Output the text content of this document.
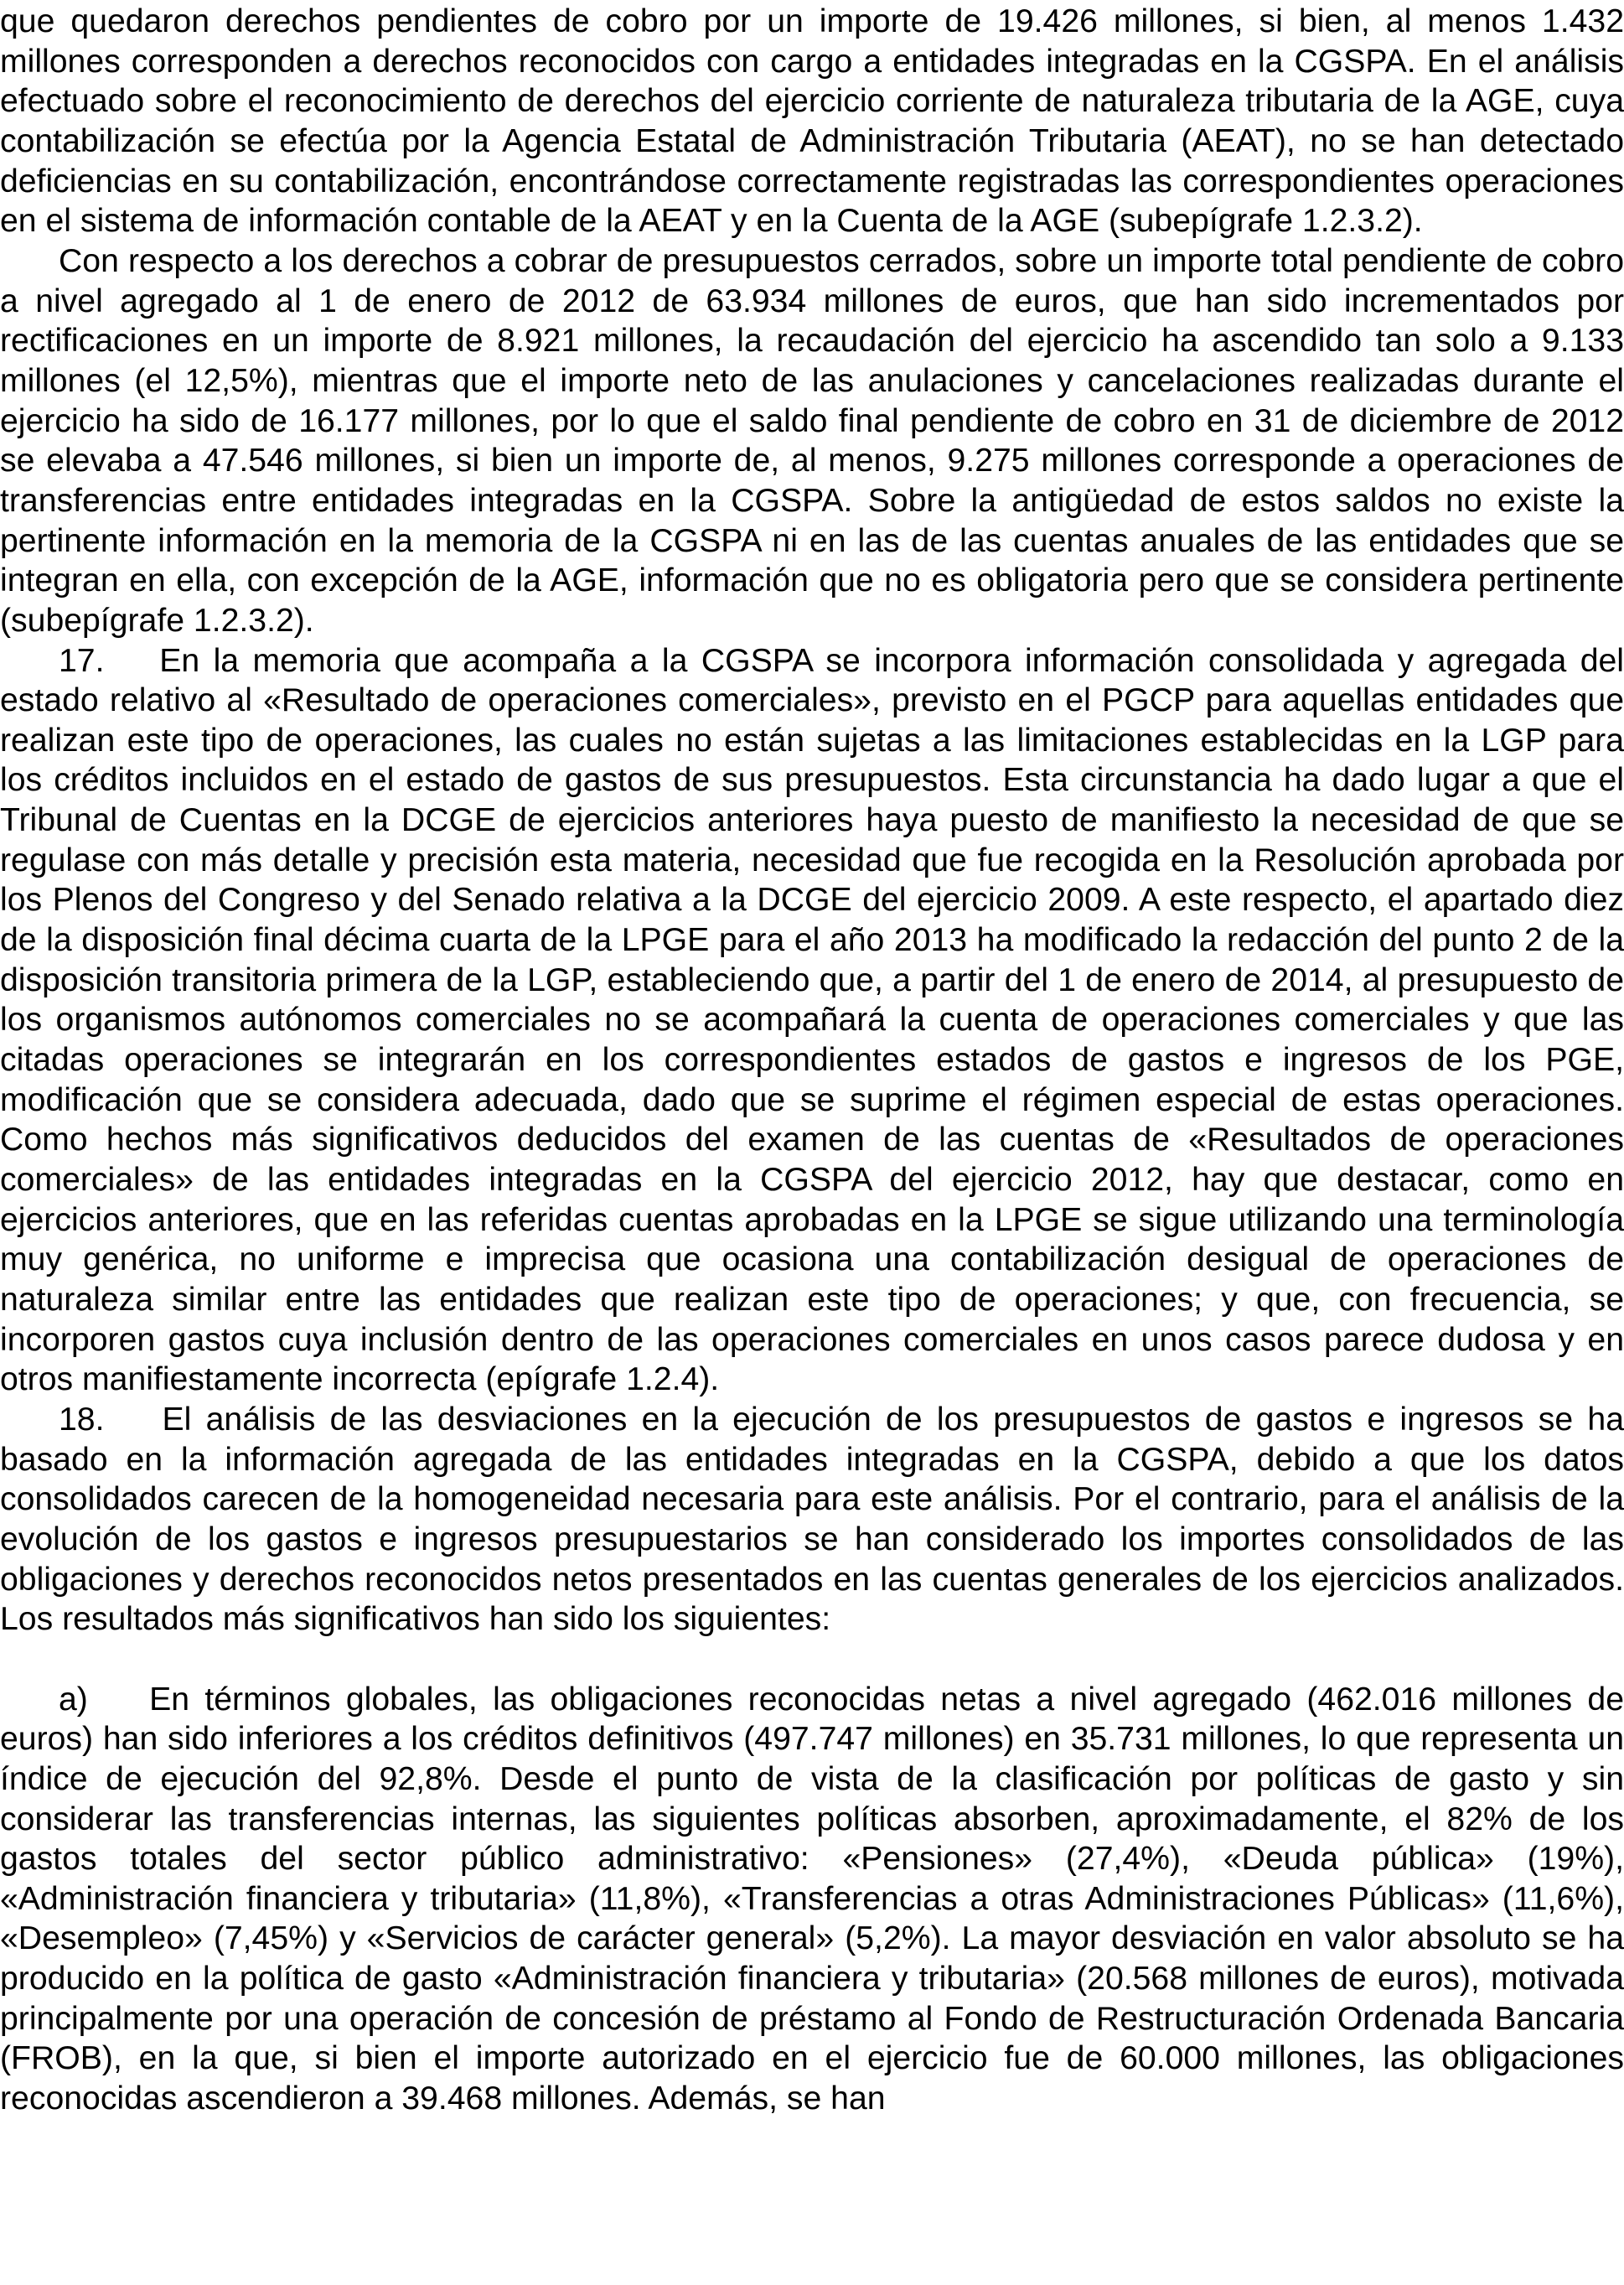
que quedaron derechos pendientes de cobro por un importe de 19.426 millones, si bien, al menos 1.432 millones corresponden a derechos reconocidos con cargo a entidades integradas en la CGSPA. En el análisis efectuado sobre el reconocimiento de derechos del ejercicio corriente de naturaleza tributaria de la AGE, cuya contabilización se efectúa por la Agencia Estatal de Administración Tributaria (AEAT), no se han detectado deficiencias en su contabilización, encontrándose correctamente registradas las correspondientes operaciones en el sistema de información contable de la AEAT y en la Cuenta de la AGE (subepígrafe 1.2.3.2).

Con respecto a los derechos a cobrar de presupuestos cerrados, sobre un importe total pendiente de cobro a nivel agregado al 1 de enero de 2012 de 63.934 millones de euros, que han sido incrementados por rectificaciones en un importe de 8.921 millones, la recaudación del ejercicio ha ascendido tan solo a 9.133 millones (el 12,5%), mientras que el importe neto de las anulaciones y cancelaciones realizadas durante el ejercicio ha sido de 16.177 millones, por lo que el saldo final pendiente de cobro en 31 de diciembre de 2012 se elevaba a 47.546 millones, si bien un importe de, al menos, 9.275 millones corresponde a operaciones de transferencias entre entidades integradas en la CGSPA. Sobre la antigüedad de estos saldos no existe la pertinente información en la memoria de la CGSPA ni en las de las cuentas anuales de las entidades que se integran en ella, con excepción de la AGE, información que no es obligatoria pero que se considera pertinente (subepígrafe 1.2.3.2).

17.    En la memoria que acompaña a la CGSPA se incorpora información consolidada y agregada del estado relativo al «Resultado de operaciones comerciales», previsto en el PGCP para aquellas entidades que realizan este tipo de operaciones, las cuales no están sujetas a las limitaciones establecidas en la LGP para los créditos incluidos en el estado de gastos de sus presupuestos. Esta circunstancia ha dado lugar a que el Tribunal de Cuentas en la DCGE de ejercicios anteriores haya puesto de manifiesto la necesidad de que se regulase con más detalle y precisión esta materia, necesidad que fue recogida en la Resolución aprobada por los Plenos del Congreso y del Senado relativa a la DCGE del ejercicio 2009. A este respecto, el apartado diez de la disposición final décima cuarta de la LPGE para el año 2013 ha modificado la redacción del punto 2 de la disposición transitoria primera de la LGP, estableciendo que, a partir del 1 de enero de 2014, al presupuesto de los organismos autónomos comerciales no se acompañará la cuenta de operaciones comerciales y que las citadas operaciones se integrarán en los correspondientes estados de gastos e ingresos de los PGE, modificación que se considera adecuada, dado que se suprime el régimen especial de estas operaciones. Como hechos más significativos deducidos del examen de las cuentas de «Resultados de operaciones comerciales» de las entidades integradas en la CGSPA del ejercicio 2012, hay que destacar, como en ejercicios anteriores, que en las referidas cuentas aprobadas en la LPGE se sigue utilizando una terminología muy genérica, no uniforme e imprecisa que ocasiona una contabilización desigual de operaciones de naturaleza similar entre las entidades que realizan este tipo de operaciones; y que, con frecuencia, se incorporen gastos cuya inclusión dentro de las operaciones comerciales en unos casos parece dudosa y en otros manifiestamente incorrecta (epígrafe 1.2.4).

18.    El análisis de las desviaciones en la ejecución de los presupuestos de gastos e ingresos se ha basado en la información agregada de las entidades integradas en la CGSPA, debido a que los datos consolidados carecen de la homogeneidad necesaria para este análisis. Por el contrario, para el análisis de la evolución de los gastos e ingresos presupuestarios se han considerado los importes consolidados de las obligaciones y derechos reconocidos netos presentados en las cuentas generales de los ejercicios analizados. Los resultados más significativos han sido los siguientes:

a)    En términos globales, las obligaciones reconocidas netas a nivel agregado (462.016 millones de euros) han sido inferiores a los créditos definitivos (497.747 millones) en 35.731 millones, lo que representa un índice de ejecución del 92,8%. Desde el punto de vista de la clasificación por políticas de gasto y sin considerar las transferencias internas, las siguientes políticas absorben, aproximadamente, el 82% de los gastos totales del sector público administrativo: «Pensiones» (27,4%), «Deuda pública» (19%), «Administración financiera y tributaria» (11,8%), «Transferencias a otras Administraciones Públicas» (11,6%), «Desempleo» (7,45%) y «Servicios de carácter general» (5,2%). La mayor desviación en valor absoluto se ha producido en la política de gasto «Administración financiera y tributaria» (20.568 millones de euros), motivada principalmente por una operación de concesión de préstamo al Fondo de Restructuración Ordenada Bancaria (FROB), en la que, si bien el importe autorizado en el ejercicio fue de 60.000 millones, las obligaciones reconocidas ascendieron a 39.468 millones. Además, se han
